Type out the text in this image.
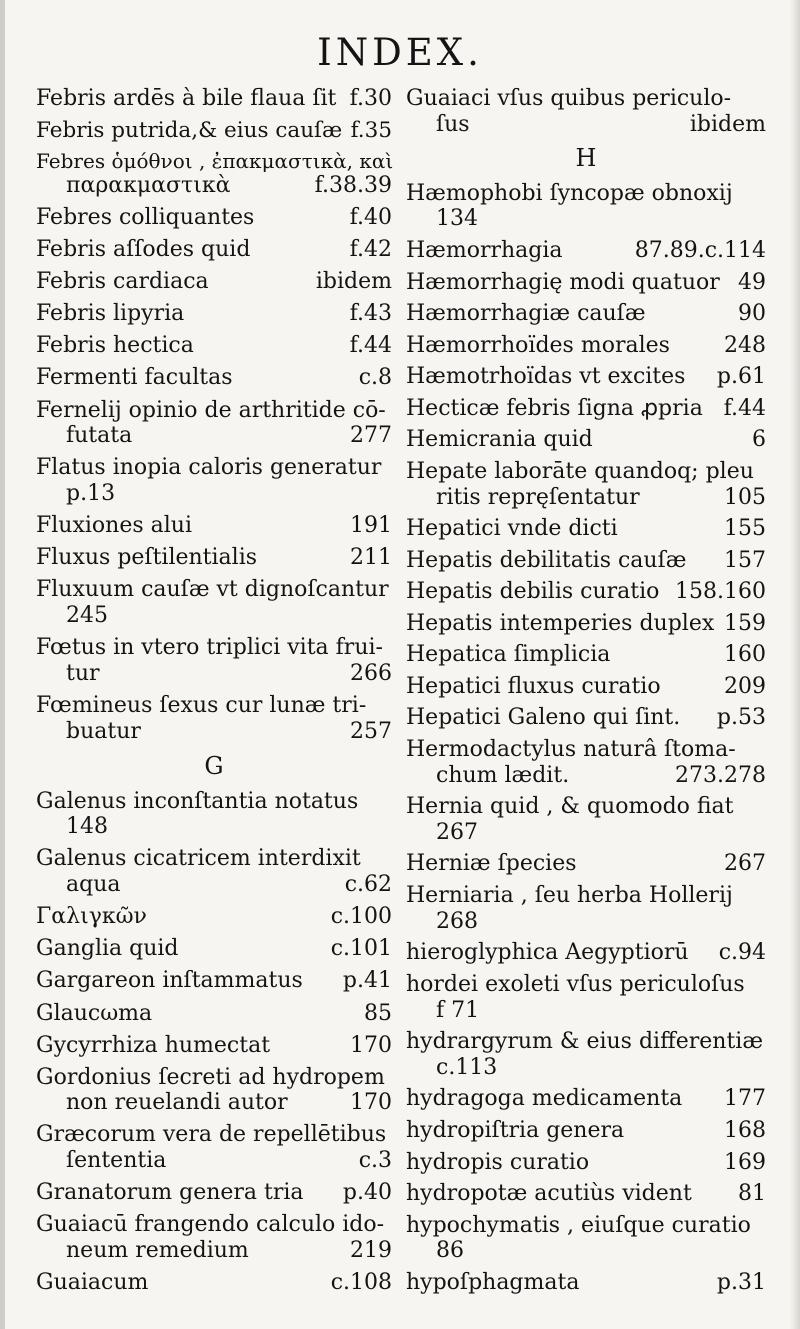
INDEX.
Febris ardēs à bile flaua ſit f.30
Febris putrida,& eius cauſæ f.35
Febres ὁμόθνοι , ἐπακμαστικὰ, καὶ
παρακμαστικὰ	f.38.39
Febres colliquantes	f.40
Febris aſſodes quid	f.42
Febris cardiaca	ibidem
Febris lipyria	f.43
Febris hectica	f.44
Fermenti facultas	c.8
Fernelij opinio de arthritide cō-
futata	277
Flatus inopia caloris generatur
p.13
Fluxiones alui	191
Fluxus peſtilentialis	211
Fluxuum cauſæ vt dignoſcantur
245
Fœtus in vtero triplici vita frui-
tur	266
Fœmineus ſexus cur lunæ tri-
buatur	257
G
Galenus inconſtantia notatus
148
Galenus cicatricem interdixit
aqua	c.62
Γαλιγκῶν	c.100
Ganglia quid	c.101
Gargareon inſtammatus p.41
Glaucωma	85
Gycyrrhiza humectat	170
Gordonius ſecreti ad hydropem
non reuelandi autor	170
Græcorum vera de repellētibus
ſententia	c.3
Granatorum genera tria p.40
Guaiacū frangendo calculo ido-
neum remedium	219
Guaiacum	c.108
Guaiaci vſus quibus periculo-
ſus	ibidem
H
Hæmophobi ſyncopæ obnoxij
134
Hæmorrhagia	87.89.c.114
Hæmorrhagię modi quatuor 49
Hæmorrhagiæ cauſæ	90
Hæmorrhoïdes morales 248
Hæmotrhoïdas vt excites p.61
Hecticæ febris ſigna ꝓpria f.44
Hemicrania quid	6
Hepate laborāte quandoq; pleu
ritis repręſentatur	105
Hepatici vnde dicti	155
Hepatis debilitatis cauſæ 157
Hepatis debilis curatio 158.160
Hepatis intemperies duplex 159
Hepatica ſimplicia	160
Hepatici fluxus curatio	209
Hepatici Galeno qui ſint. p.53
Hermodactylus naturâ ſtoma-
chum lædit.	273.278
Hernia quid , & quomodo fiat
267
Herniæ ſpecies	267
Herniaria , ſeu herba Hollerij
268
hieroglyphica Aegyptiorū c.94
hordei exoleti vſus periculoſus
f 71
hydrargyrum & eius differentiæ
c.113
hydragoga medicamenta 177
hydropiſtria genera	168
hydropis curatio	169
hydropotæ acutiùs vident 81
hypochymatis , eiuſque curatio
86
hypoſphagmata	p.31
